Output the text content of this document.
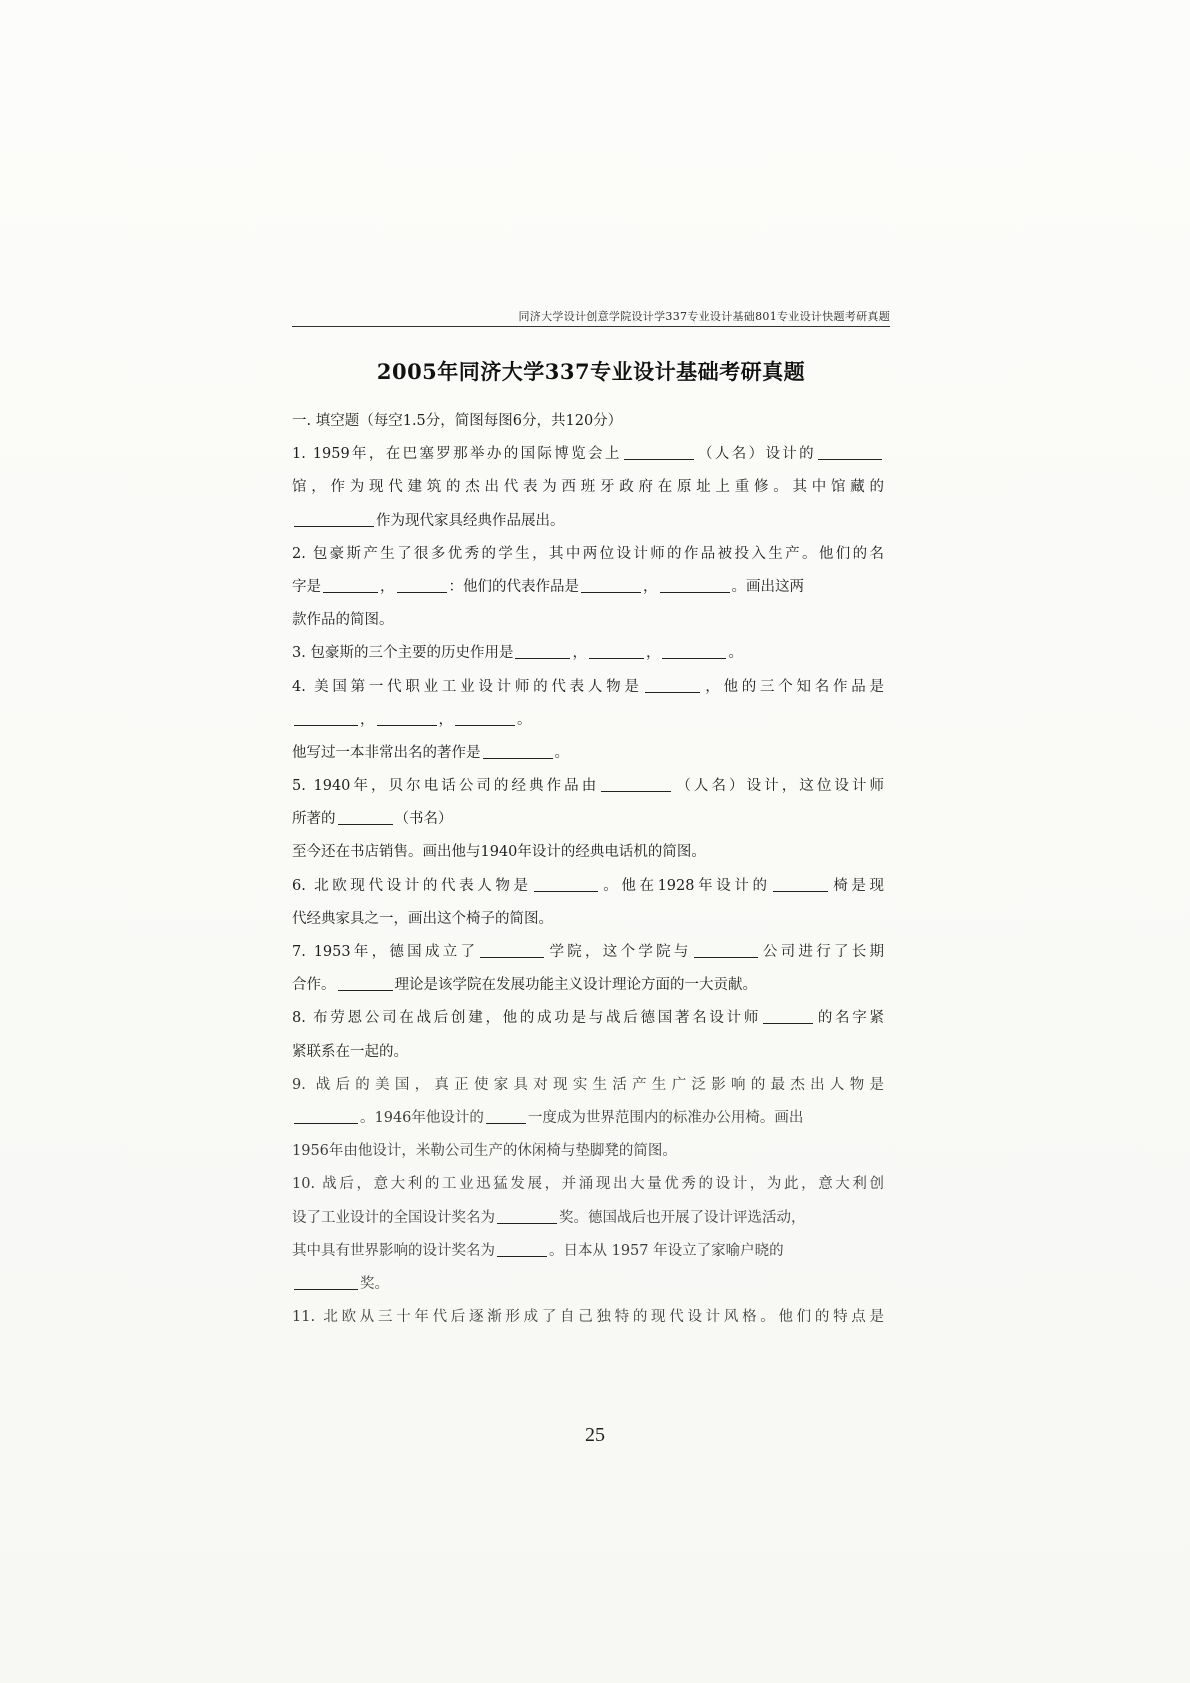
同济大学设计创意学院设计学337专业设计基础801专业设计快题考研真题
2005年同济大学337专业设计基础考研真题
一. 填空题（每空1.5分，简图每图6分，共120分）
1. 1959年，在巴塞罗那举办的国际博览会上	（人名）设计的
馆，作为现代建筑的杰出代表为西班牙政府在原址上重修。其中馆藏的
作为现代家具经典作品展出。
2. 包豪斯产生了很多优秀的学生，其中两位设计师的作品被投入生产。他们的名
字是	，	：他们的代表作品是	，	。画出这两
款作品的简图。
3. 包豪斯的三个主要的历史作用是	，	，	。
4. 美国第一代职业工业设计师的代表人物是	，他的三个知名作品是
，	，	。
他写过一本非常出名的著作是	。
5. 1940年，贝尔电话公司的经典作品由	（人名）设计，这位设计师
所著的	（书名）
至今还在书店销售。画出他与1940年设计的经典电话机的简图。
6. 北欧现代设计的代表人物是	。他在1928年设计的	椅是现
代经典家具之一，画出这个椅子的简图。
7. 1953年，德国成立了	学院，这个学院与	公司进行了长期
合作。	理论是该学院在发展功能主义设计理论方面的一大贡献。
8. 布劳恩公司在战后创建，他的成功是与战后德国著名设计师	的名字紧
紧联系在一起的。
9. 战后的美国，真正使家具对现实生活产生广泛影响的最杰出人物是
。1946年他设计的	一度成为世界范围内的标准办公用椅。画出
1956年由他设计，米勒公司生产的休闲椅与垫脚凳的简图。
10. 战后，意大利的工业迅猛发展，并涌现出大量优秀的设计，为此，意大利创
设了工业设计的全国设计奖名为	奖。德国战后也开展了设计评选活动，
其中具有世界影响的设计奖名为	。日本从 1957 年设立了家喻户晓的
奖。
11. 北欧从三十年代后逐渐形成了自己独特的现代设计风格。他们的特点是
25
